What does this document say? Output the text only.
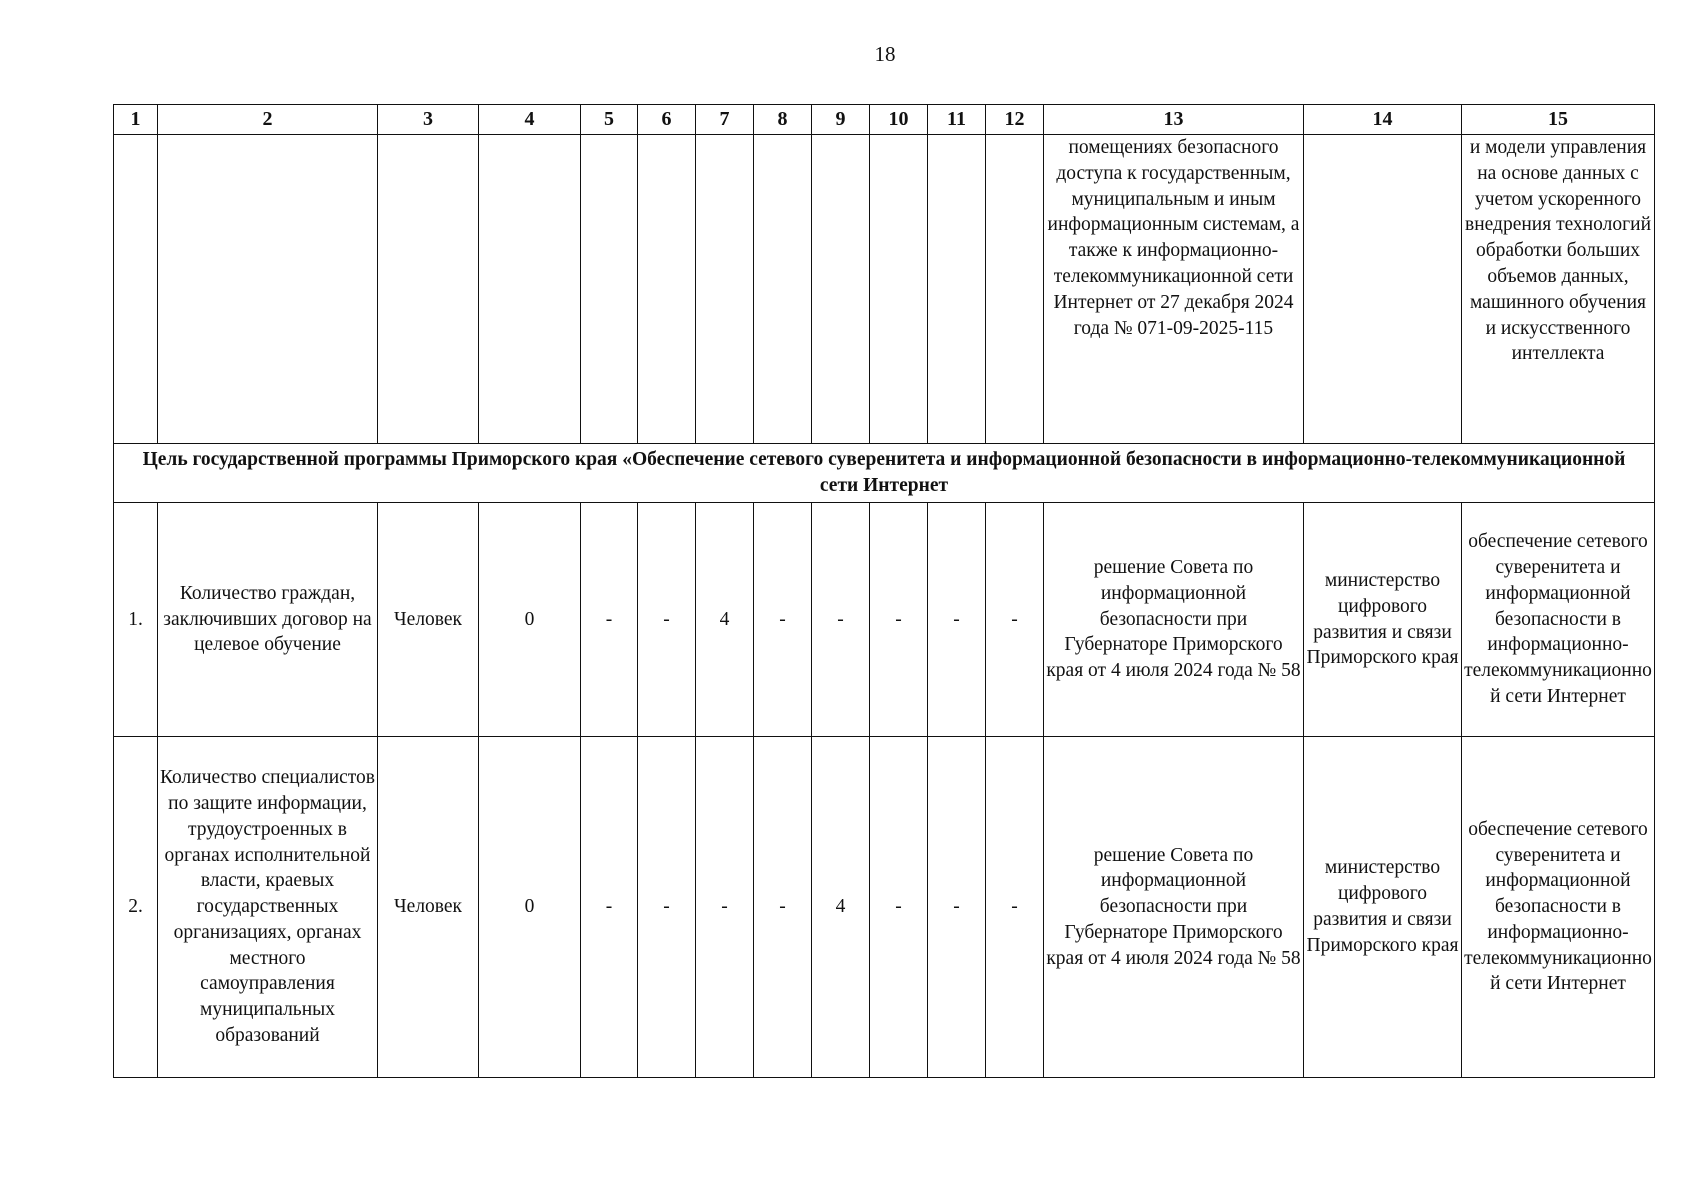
18
1	2	3	4	5	6	7	8	9	10	11	12	13	14	15
												помещениях безопасного доступа к государственным, муниципальным и иным информационным системам, а также к информационно-телекоммуникационной сети Интернет от 27 декабря 2024 года № 071-09-2025-115		и модели управления на основе данных с учетом ускоренного внедрения технологий обработки больших объемов данных, машинного обучения и искусственного интеллекта
Цель государственной программы Приморского края «Обеспечение сетевого суверенитета и информационной безопасности в информационно-телекоммуникационной сети Интернет														
1.	Количество граждан, заключивших договор на целевое обучение	Человек	0	-	-	4	-	-	-	-	-	решение Совета по информационной безопасности при Губернаторе Приморского края от 4 июля 2024 года № 58	министерство цифрового развития и связи Приморского края	обеспечение сетевого суверенитета и информационной безопасности в информационно-телекоммуникационной сети Интернет
2.	Количество специалистов по защите информации, трудоустроенных в органах исполнительной власти, краевых государственных организациях, органах местного самоуправления муниципальных образований	Человек	0	-	-	-	-	4	-	-	-	решение Совета по информационной безопасности при Губернаторе Приморского края от 4 июля 2024 года № 58	министерство цифрового развития и связи Приморского края	обеспечение сетевого суверенитета и информационной безопасности в информационно-телекоммуникационной сети Интернет
